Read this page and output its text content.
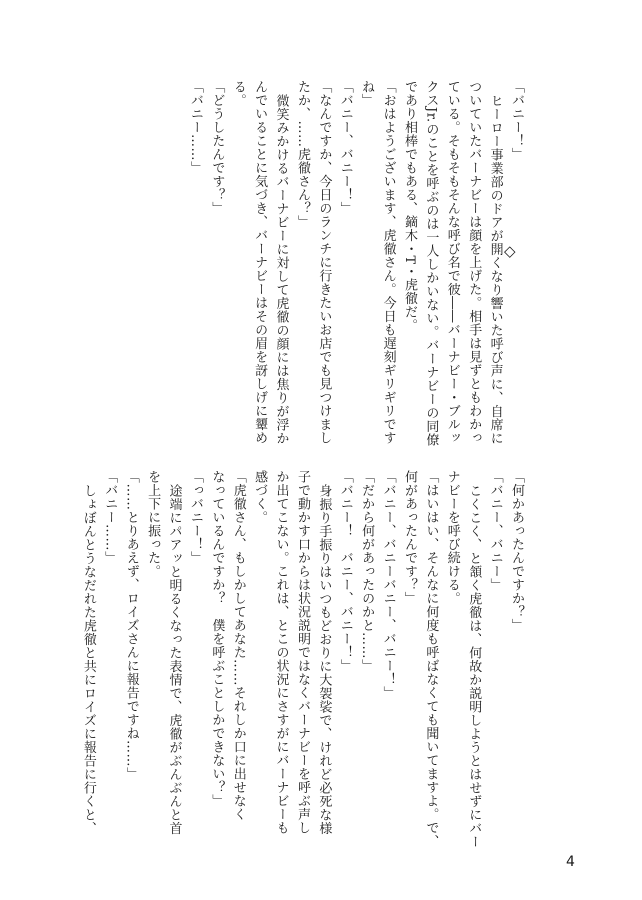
「バニー！」
ヒーロー事業部のドアが開くなり響いた呼び声に、自席に
ついていたバーナビーは顔を上げた。相手は見ずともわかっ
ている。そもそもそんな呼び名で彼――バーナビー・ブルッ
クスJr.のことを呼ぶのは一人しかいない。バーナビーの同僚
であり相棒でもある、鏑木・T・虎徹だ。
「おはようございます、虎徹さん。今日も遅刻ギリギリです
ね」
「バニー、バニー！」
「なんですか、今日のランチに行きたいお店でも見つけまし
たか、……虎徹さん？」
微笑みかけるバーナビーに対して虎徹の顔には焦りが浮か
んでいることに気づき、バーナビーはその眉を訝しげに顰め
る。
「どうしたんです？」
「バニー……」
◇
「何かあったんですか？」
「バニー、バニー」
こくこく、と頷く虎徹は、何故か説明しようとはせずにバー
ナビーを呼び続ける。
「はいはい、そんなに何度も呼ばなくても聞いてますよ。で、
何があったんです？」
「バニー、バニーバニー、バニー！」
「だから何があったのかと……」
「バニー！　バニー、バニー！」
身振り手振りはいつもどおりに大袈裟で、けれど必死な様
子で動かす口からは状況説明ではなくバーナビーを呼ぶ声し
か出てこない。これは、とこの状況にさすがにバーナビーも
感づく。
「虎徹さん、もしかしてあなた……それしか口に出せなく
なっているんですか？　僕を呼ぶことしかできない？」
「っバニー！」
途端にパアッと明るくなった表情で、虎徹がぶんぶんと首
を上下に振った。
「……とりあえず、ロイズさんに報告ですね……」
「バニー……」
しょぼんとうなだれた虎徹と共にロイズに報告に行くと、
4
